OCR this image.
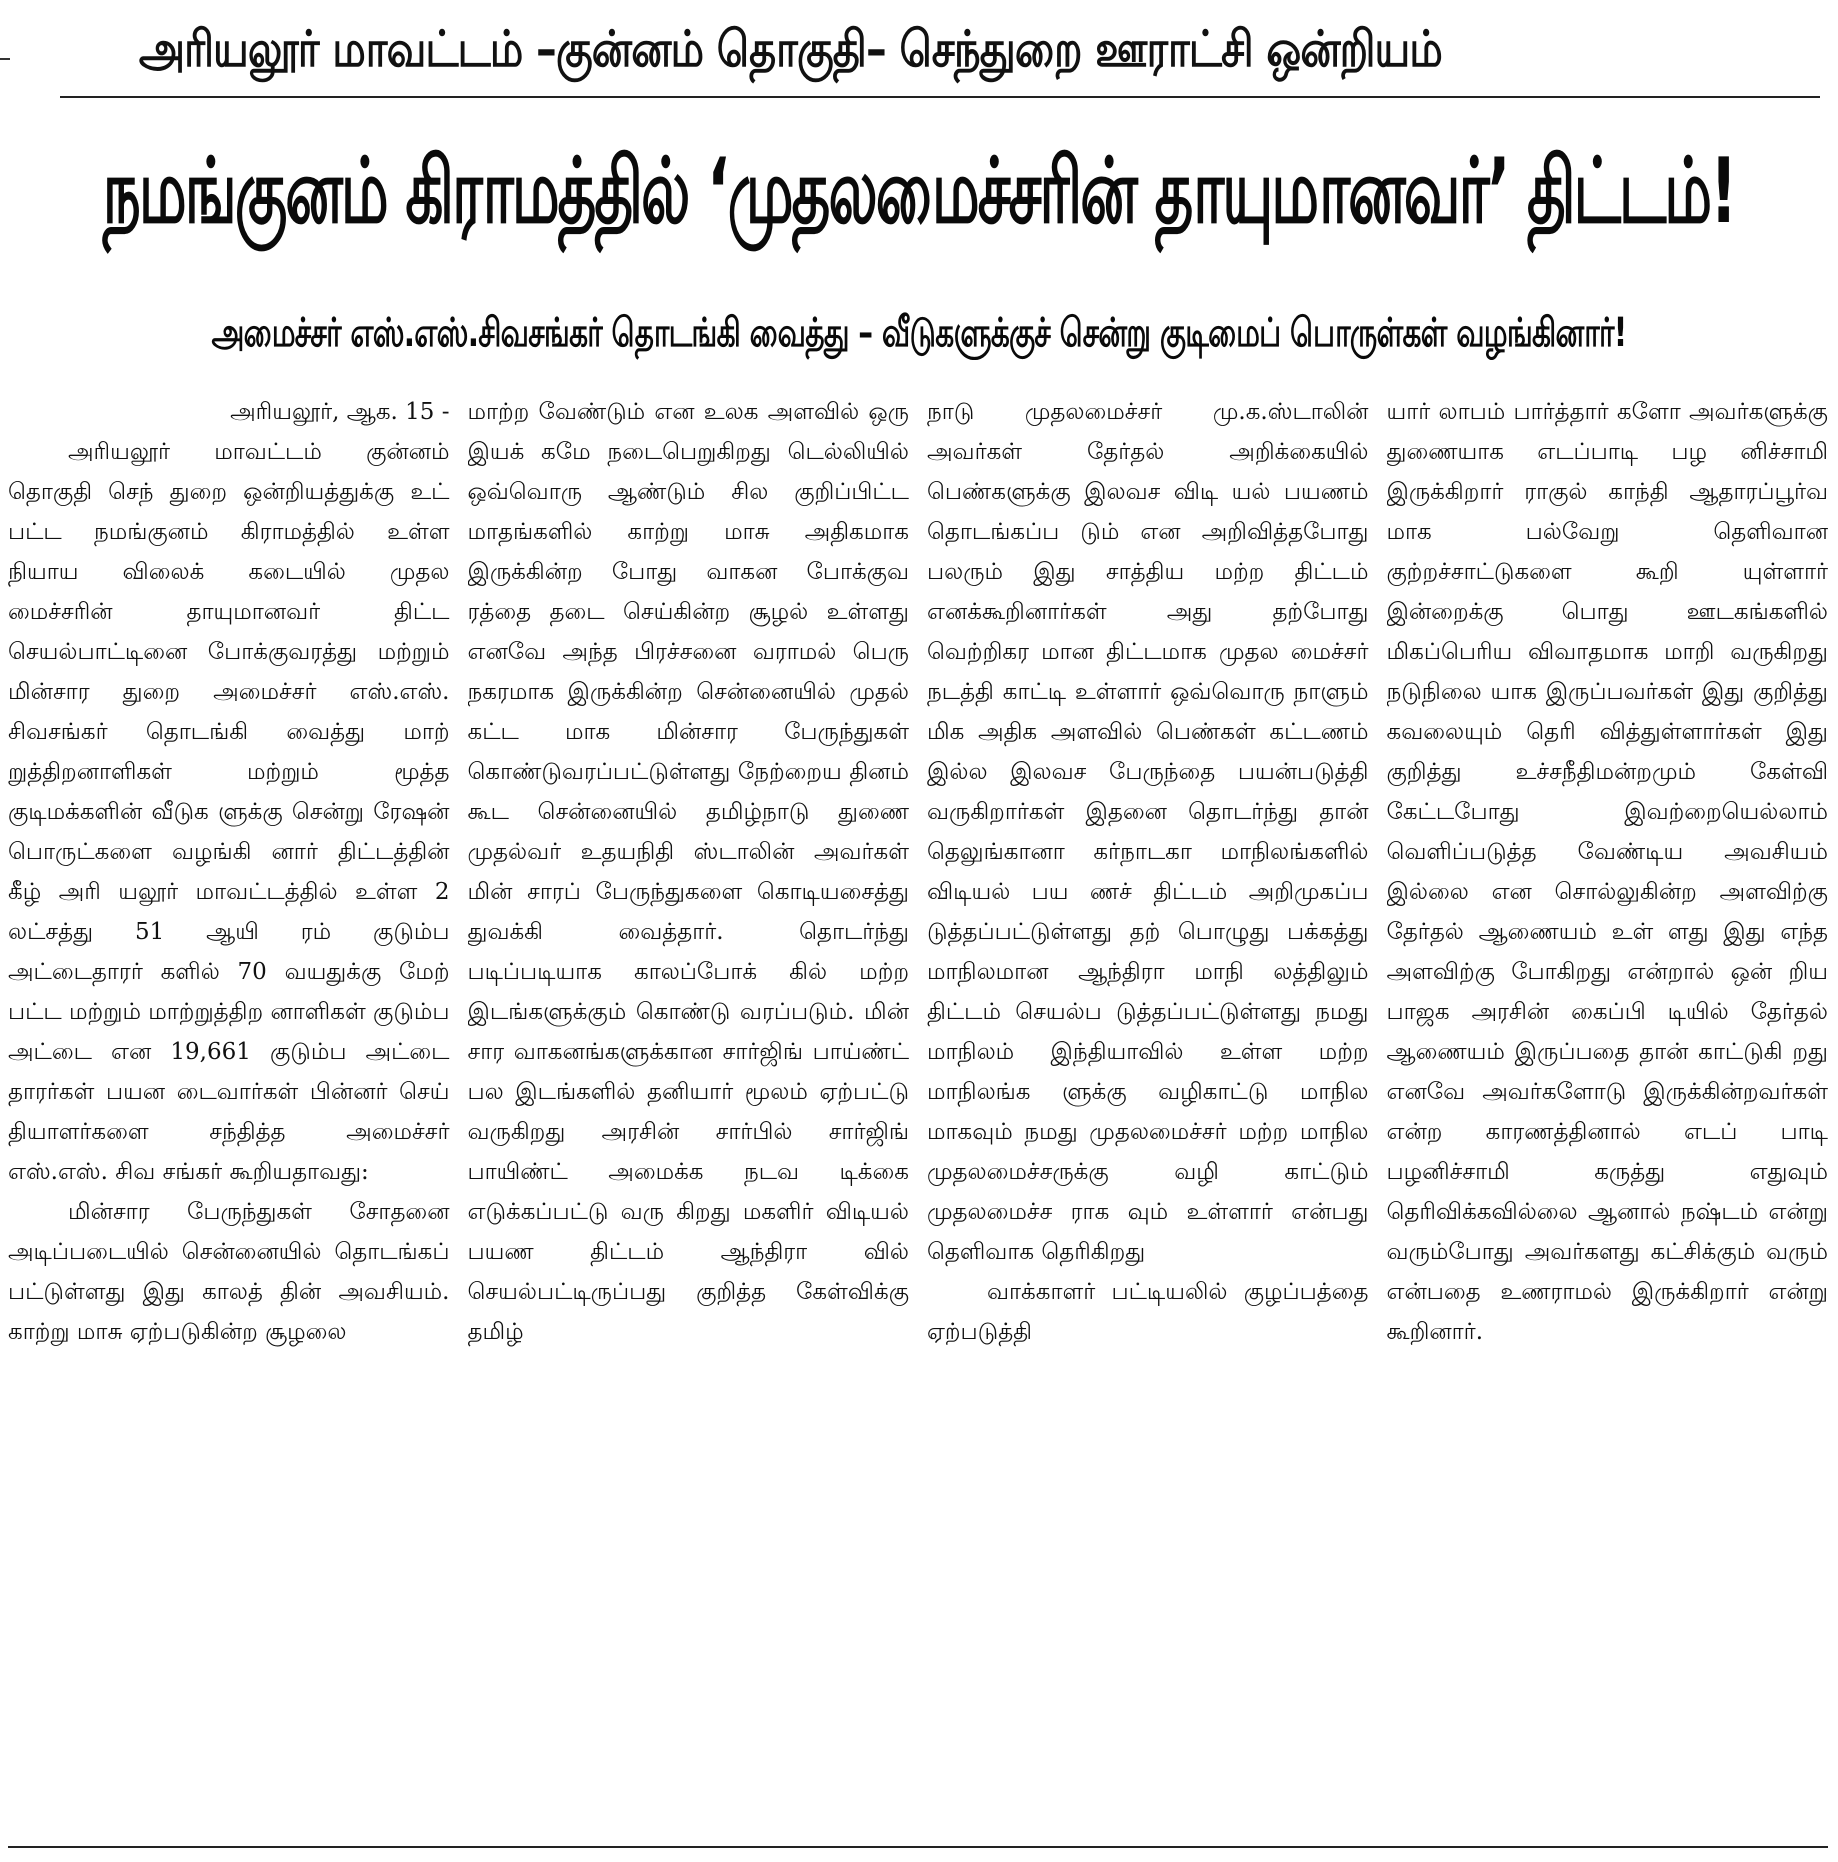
அரியலூர் மாவட்டம் –குன்னம் தொகுதி– செந்துறை ஊராட்சி ஒன்றியம்
நமங்குனம் கிராமத்தில் ‘முதலமைச்சரின் தாயுமானவர்’ திட்டம்!
அமைச்சர் எஸ்.எஸ்.சிவசங்கர் தொடங்கி வைத்து – வீடுகளுக்குச் சென்று குடிமைப் பொருள்கள் வழங்கினார்!

அரியலூர், ஆக. 15 -

அரியலூர் மாவட்டம் குன்னம் தொகுதி செந் துறை ஒன்றியத்துக்கு உட் பட்ட நமங்குனம் கிராமத்தில் உள்ள நியாய விலைக் கடையில் முதல மைச்சரின் தாயுமானவர் திட்ட செயல்பாட்டினை போக்குவரத்து மற்றும் மின்சார துறை அமைச்சர் எஸ்.எஸ். சிவசங்கர் தொடங்கி வைத்து மாற் றுத்திறனாளிகள் மற்றும் மூத்த குடிமக்களின் வீடுக ளுக்கு சென்று ரேஷன் பொருட்களை வழங்கி னார் திட்டத்தின் கீழ் அரி யலூர் மாவட்டத்தில் உள்ள 2 லட்சத்து 51 ஆயி ரம் குடும்ப அட்டைதாரர் களில் 70 வயதுக்கு மேற் பட்ட மற்றும் மாற்றுத்திற னாளிகள் குடும்ப அட்டை என 19,661 குடும்ப அட்டை தாரர்கள் பயன டைவார்கள் பின்னர் செய் தியாளர்களை சந்தித்த அமைச்சர் எஸ்.எஸ். சிவ சங்கர் கூறியதாவது:

மின்சார பேருந்துகள் சோதனை அடிப்படையில் சென்னையில் தொடங்கப் பட்டுள்ளது இது காலத் தின் அவசியம். காற்று மாசு ஏற்படுகின்ற சூழலை

மாற்ற வேண்டும் என உலக அளவில் ஒரு இயக் கமே நடைபெறுகிறது டெல்லியில் ஒவ்வொரு ஆண்டும் சில குறிப்பிட்ட மாதங்களில் காற்று மாசு அதிகமாக இருக்கின்ற போது வாகன போக்குவ ரத்தை தடை செய்கின்ற சூழல் உள்ளது எனவே அந்த பிரச்சனை வராமல் பெரு நகரமாக இருக்கின்ற சென்னையில் முதல் கட்ட மாக மின்சார பேருந்துகள் கொண்டுவரப்பட்டுள்ளது நேற்றைய தினம் கூட சென்னையில் தமிழ்நாடு துணை முதல்வர் உதயநிதி ஸ்டாலின் அவர்கள் மின் சாரப் பேருந்துகளை கொடியசைத்து துவக்கி வைத்தார். தொடர்ந்து படிப்படியாக காலப்போக் கில் மற்ற இடங்களுக்கும் கொண்டு வரப்படும். மின் சார வாகனங்களுக்கான சார்ஜிங் பாய்ண்ட் பல இடங்களில் தனியார் மூலம் ஏற்பட்டு வருகிறது அரசின் சார்பில் சார்ஜிங் பாயிண்ட் அமைக்க நடவ டிக்கை எடுக்கப்பட்டு வரு கிறது மகளிர் விடியல் பயண திட்டம் ஆந்திரா வில் செயல்பட்டிருப்பது குறித்த கேள்விக்கு தமிழ்

நாடு முதலமைச்சர் மு.க.ஸ்டாலின் அவர்கள் தேர்தல் அறிக்கையில் பெண்களுக்கு இலவச விடி யல் பயணம் தொடங்கப்ப டும் என அறிவித்தபோது பலரும் இது சாத்திய மற்ற திட்டம் எனக்கூறினார்கள் அது தற்போது வெற்றிகர மான திட்டமாக முதல மைச்சர் நடத்தி காட்டி உள்ளார் ஒவ்வொரு நாளும் மிக அதிக அளவில் பெண்கள் கட்டணம் இல்ல இலவச பேருந்தை பயன்படுத்தி வருகிறார்கள் இதனை தொடர்ந்து தான் தெலுங்கானா கர்நாடகா மாநிலங்களில் விடியல் பய ணச் திட்டம் அறிமுகப்ப டுத்தப்பட்டுள்ளது தற் பொழுது பக்கத்து மாநிலமான ஆந்திரா மாநி லத்திலும் திட்டம் செயல்ப டுத்தப்பட்டுள்ளது நமது மாநிலம் இந்தியாவில் உள்ள மற்ற மாநிலங்க ளுக்கு வழிகாட்டு மாநில மாகவும் நமது முதலமைச்சர் மற்ற மாநில முதலமைச்சருக்கு வழி காட்டும் முதலமைச்ச ராக வும் உள்ளார் என்பது தெளிவாக தெரிகிறது

வாக்காளர் பட்டியலில் குழப்பத்தை ஏற்படுத்தி

யார் லாபம் பார்த்தார் களோ அவர்களுக்கு துணையாக எடப்பாடி பழ னிச்சாமி இருக்கிறார் ராகுல் காந்தி ஆதாரப்பூர்வ மாக பல்வேறு தெளிவான குற்றச்சாட்டுகளை கூறி யுள்ளார் இன்றைக்கு பொது ஊடகங்களில் மிகப்பெரிய விவாதமாக மாறி வருகிறது நடுநிலை யாக இருப்பவர்கள் இது குறித்து கவலையும் தெரி வித்துள்ளார்கள் இது குறித்து உச்சநீதிமன்றமும் கேள்வி கேட்டபோது இவற்றையெல்லாம் வெளிப்படுத்த வேண்டிய அவசியம் இல்லை என சொல்லுகின்ற அளவிற்கு தேர்தல் ஆணையம் உள் ளது இது எந்த அளவிற்கு போகிறது என்றால் ஒன் றிய பாஜக அரசின் கைப்பி டியில் தேர்தல் ஆணையம் இருப்பதை தான் காட்டுகி றது எனவே அவர்களோடு இருக்கின்றவர்கள் என்ற காரணத்தினால் எடப் பாடி பழனிச்சாமி கருத்து எதுவும் தெரிவிக்கவில்லை ஆனால் நஷ்டம் என்று வரும்போது அவர்களது கட்சிக்கும் வரும் என்பதை உணராமல் இருக்கிறார் என்று கூறினார்.
